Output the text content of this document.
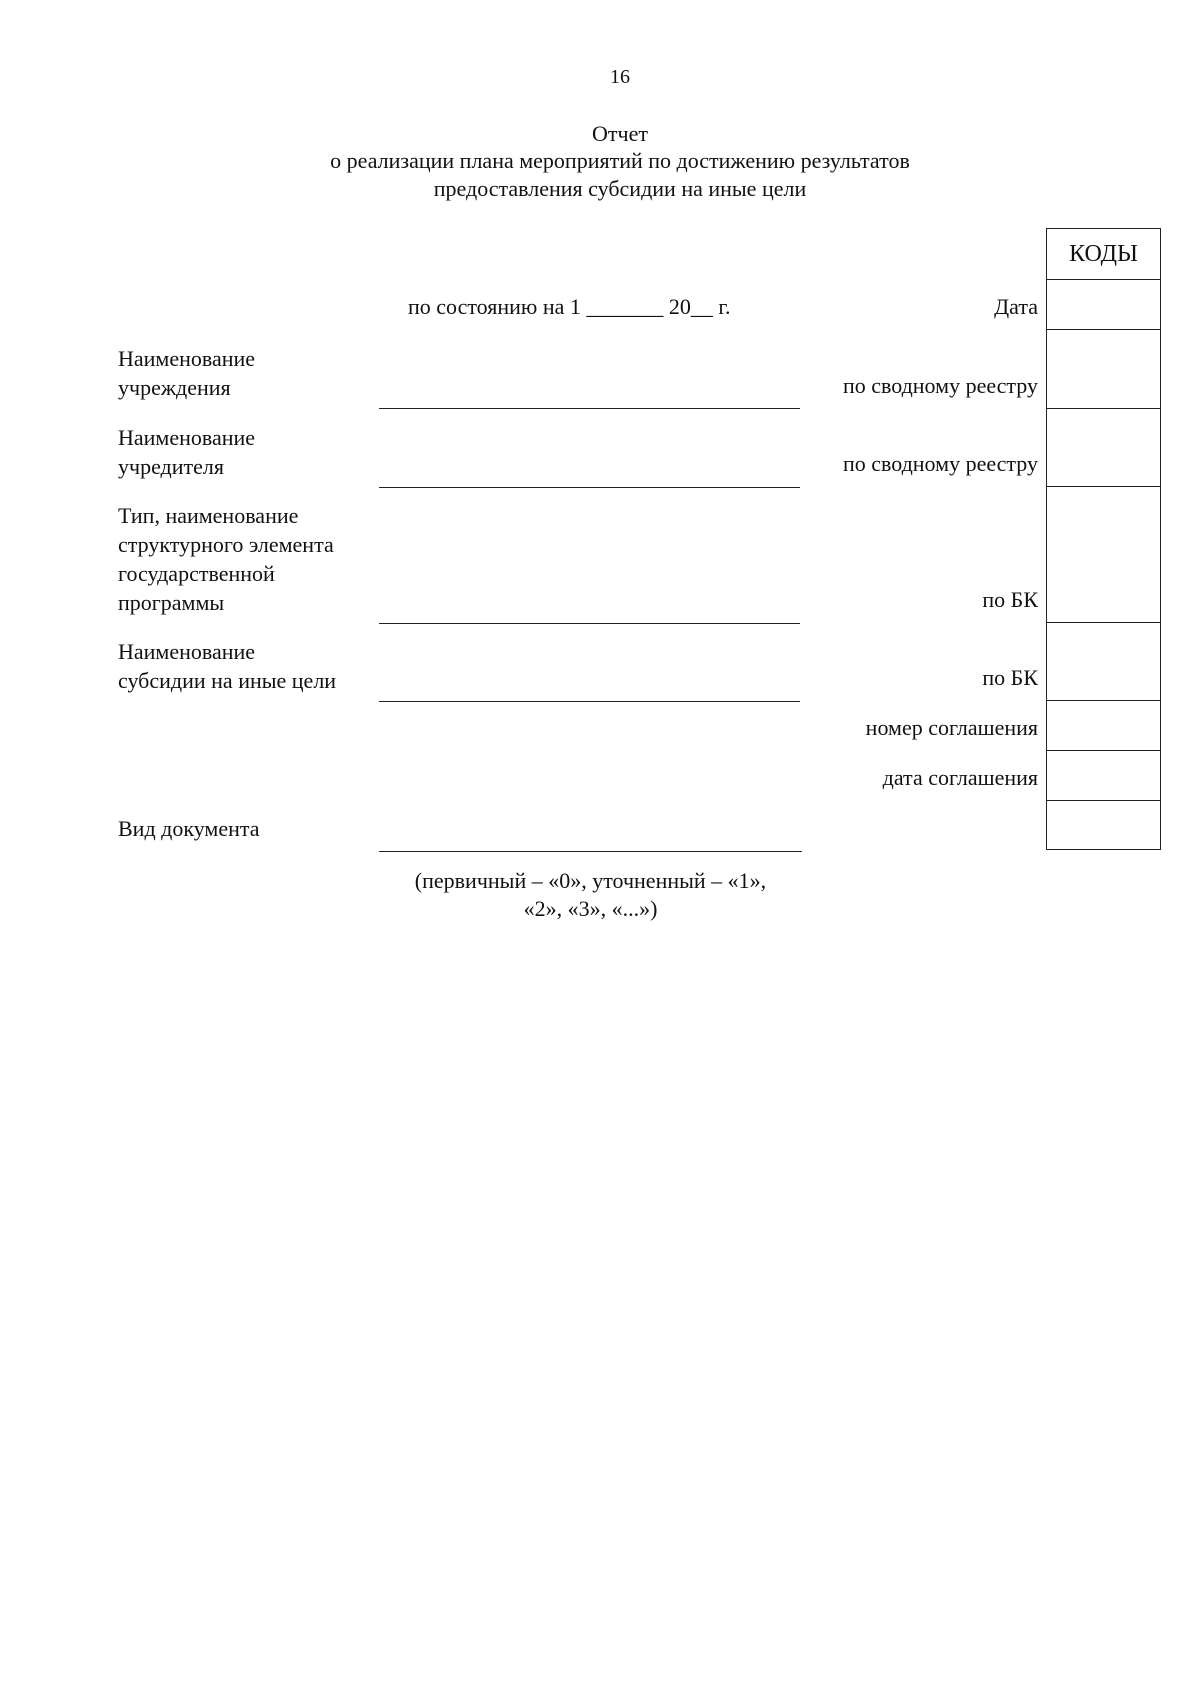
16
Отчет
о реализации плана мероприятий по достижению результатов
предоставления субсидии на иные цели
по состоянию на 1 _______ 20__ г.
Наименование
учреждения
Наименование
учредителя
Тип, наименование
структурного элемента
государственной
программы
Наименование
субсидии на иные цели
Вид документа
(первичный – «0», уточненный – «1»,
«2», «3», «...»)
Дата
по сводному реестру
по сводному реестру
по БК
по БК
номер соглашения
дата соглашения
КОДЫ
